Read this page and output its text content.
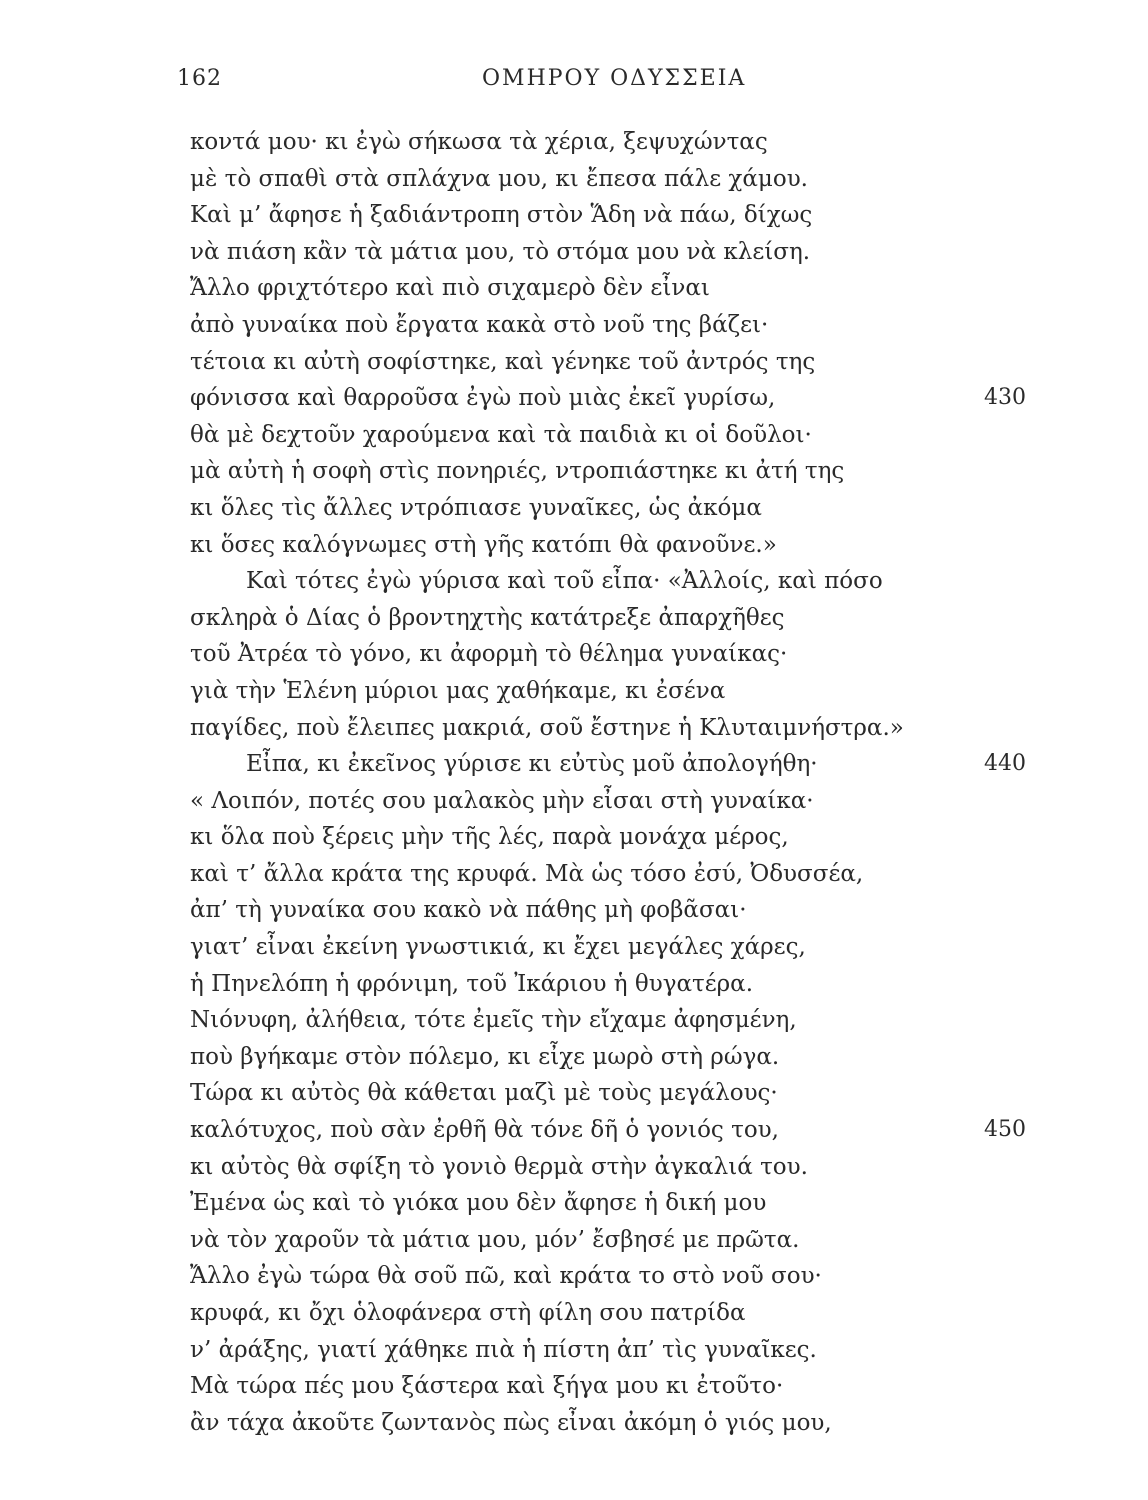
162	ΟΜΗΡΟΥ ΟΔΥΣΣΕΙΑ
κοντά μου· κι ἐγὼ σήκωσα τὰ χέρια, ξεψυχώντας
μὲ τὸ σπαθὶ στὰ σπλάχνα μου, κι ἔπεσα πάλε χάμου.
Καὶ μ’ ἄφησε ἡ ξαδιάντροπη στὸν Ἅδη νὰ πάω, δίχως
νὰ πιάση κἂν τὰ μάτια μου, τὸ στόμα μου νὰ κλείση.
Ἄλλο φριχτότερο καὶ πιὸ σιχαμερὸ δὲν εἶναι
ἀπὸ γυναίκα ποὺ ἔργατα κακὰ στὸ νοῦ της βάζει·
τέτοια κι αὐτὴ σοφίστηκε, καὶ γένηκε τοῦ ἀντρός της
φόνισσα καὶ θαρροῦσα ἐγὼ ποὺ μιὰς ἐκεῖ γυρίσω,
θὰ μὲ δεχτοῦν χαρούμενα καὶ τὰ παιδιὰ κι οἱ δοῦλοι·
μὰ αὐτὴ ἡ σοφὴ στὶς πονηριές, ντροπιάστηκε κι ἀτή της
κι ὅλες τὶς ἄλλες ντρόπιασε γυναῖκες, ὡς ἀκόμα
κι ὅσες καλόγνωμες στὴ γῆς κατόπι θὰ φανοῦνε.»
Καὶ τότες ἐγὼ γύρισα καὶ τοῦ εἶπα· «Ἀλλοίς, καὶ πόσο
σκληρὰ ὁ Δίας ὁ βροντηχτὴς κατάτρεξε ἀπαρχῆθες
τοῦ Ἀτρέα τὸ γόνο, κι ἀφορμὴ τὸ θέλημα γυναίκας·
γιὰ τὴν Ἑλένη μύριοι μας χαθήκαμε, κι ἐσένα
παγίδες, ποὺ ἔλειπες μακριά, σοῦ ἔστηνε ἡ Κλυταιμνήστρα.»
Εἶπα, κι ἐκεῖνος γύρισε κι εὐτὺς μοῦ ἀπολογήθη·
« Λοιπόν, ποτές σου μαλακὸς μὴν εἶσαι στὴ γυναίκα·
κι ὅλα ποὺ ξέρεις μὴν τῆς λές, παρὰ μονάχα μέρος,
καὶ τ’ ἄλλα κράτα της κρυφά. Μὰ ὡς τόσο ἐσύ, Ὀδυσσέα,
ἀπ’ τὴ γυναίκα σου κακὸ νὰ πάθης μὴ φοβᾶσαι·
γιατ’ εἶναι ἐκείνη γνωστικιά, κι ἔχει μεγάλες χάρες,
ἡ Πηνελόπη ἡ φρόνιμη, τοῦ Ἰκάριου ἡ θυγατέρα.
Νιόνυφη, ἀλήθεια, τότε ἐμεῖς τὴν εἴχαμε ἀφησμένη,
ποὺ βγήκαμε στὸν πόλεμο, κι εἶχε μωρὸ στὴ ρώγα.
Τώρα κι αὐτὸς θὰ κάθεται μαζὶ μὲ τοὺς μεγάλους·
καλότυχος, ποὺ σὰν ἐρθῆ θὰ τόνε δῆ ὁ γονιός του,
κι αὐτὸς θὰ σφίξη τὸ γονιὸ θερμὰ στὴν ἀγκαλιά του.
Ἐμένα ὡς καὶ τὸ γιόκα μου δὲν ἄφησε ἡ δική μου
νὰ τὸν χαροῦν τὰ μάτια μου, μόν’ ἔσβησέ με πρῶτα.
Ἄλλο ἐγὼ τώρα θὰ σοῦ πῶ, καὶ κράτα το στὸ νοῦ σου·
κρυφά, κι ὄχι ὁλοφάνερα στὴ φίλη σου πατρίδα
ν’ ἀράξης, γιατί χάθηκε πιὰ ἡ πίστη ἀπ’ τὶς γυναῖκες.
Μὰ τώρα πές μου ξάστερα καὶ ξήγα μου κι ἐτοῦτο·
ἂν τάχα ἀκοῦτε ζωντανὸς πὼς εἶναι ἀκόμη ὁ γιός μου,
430
440
450
